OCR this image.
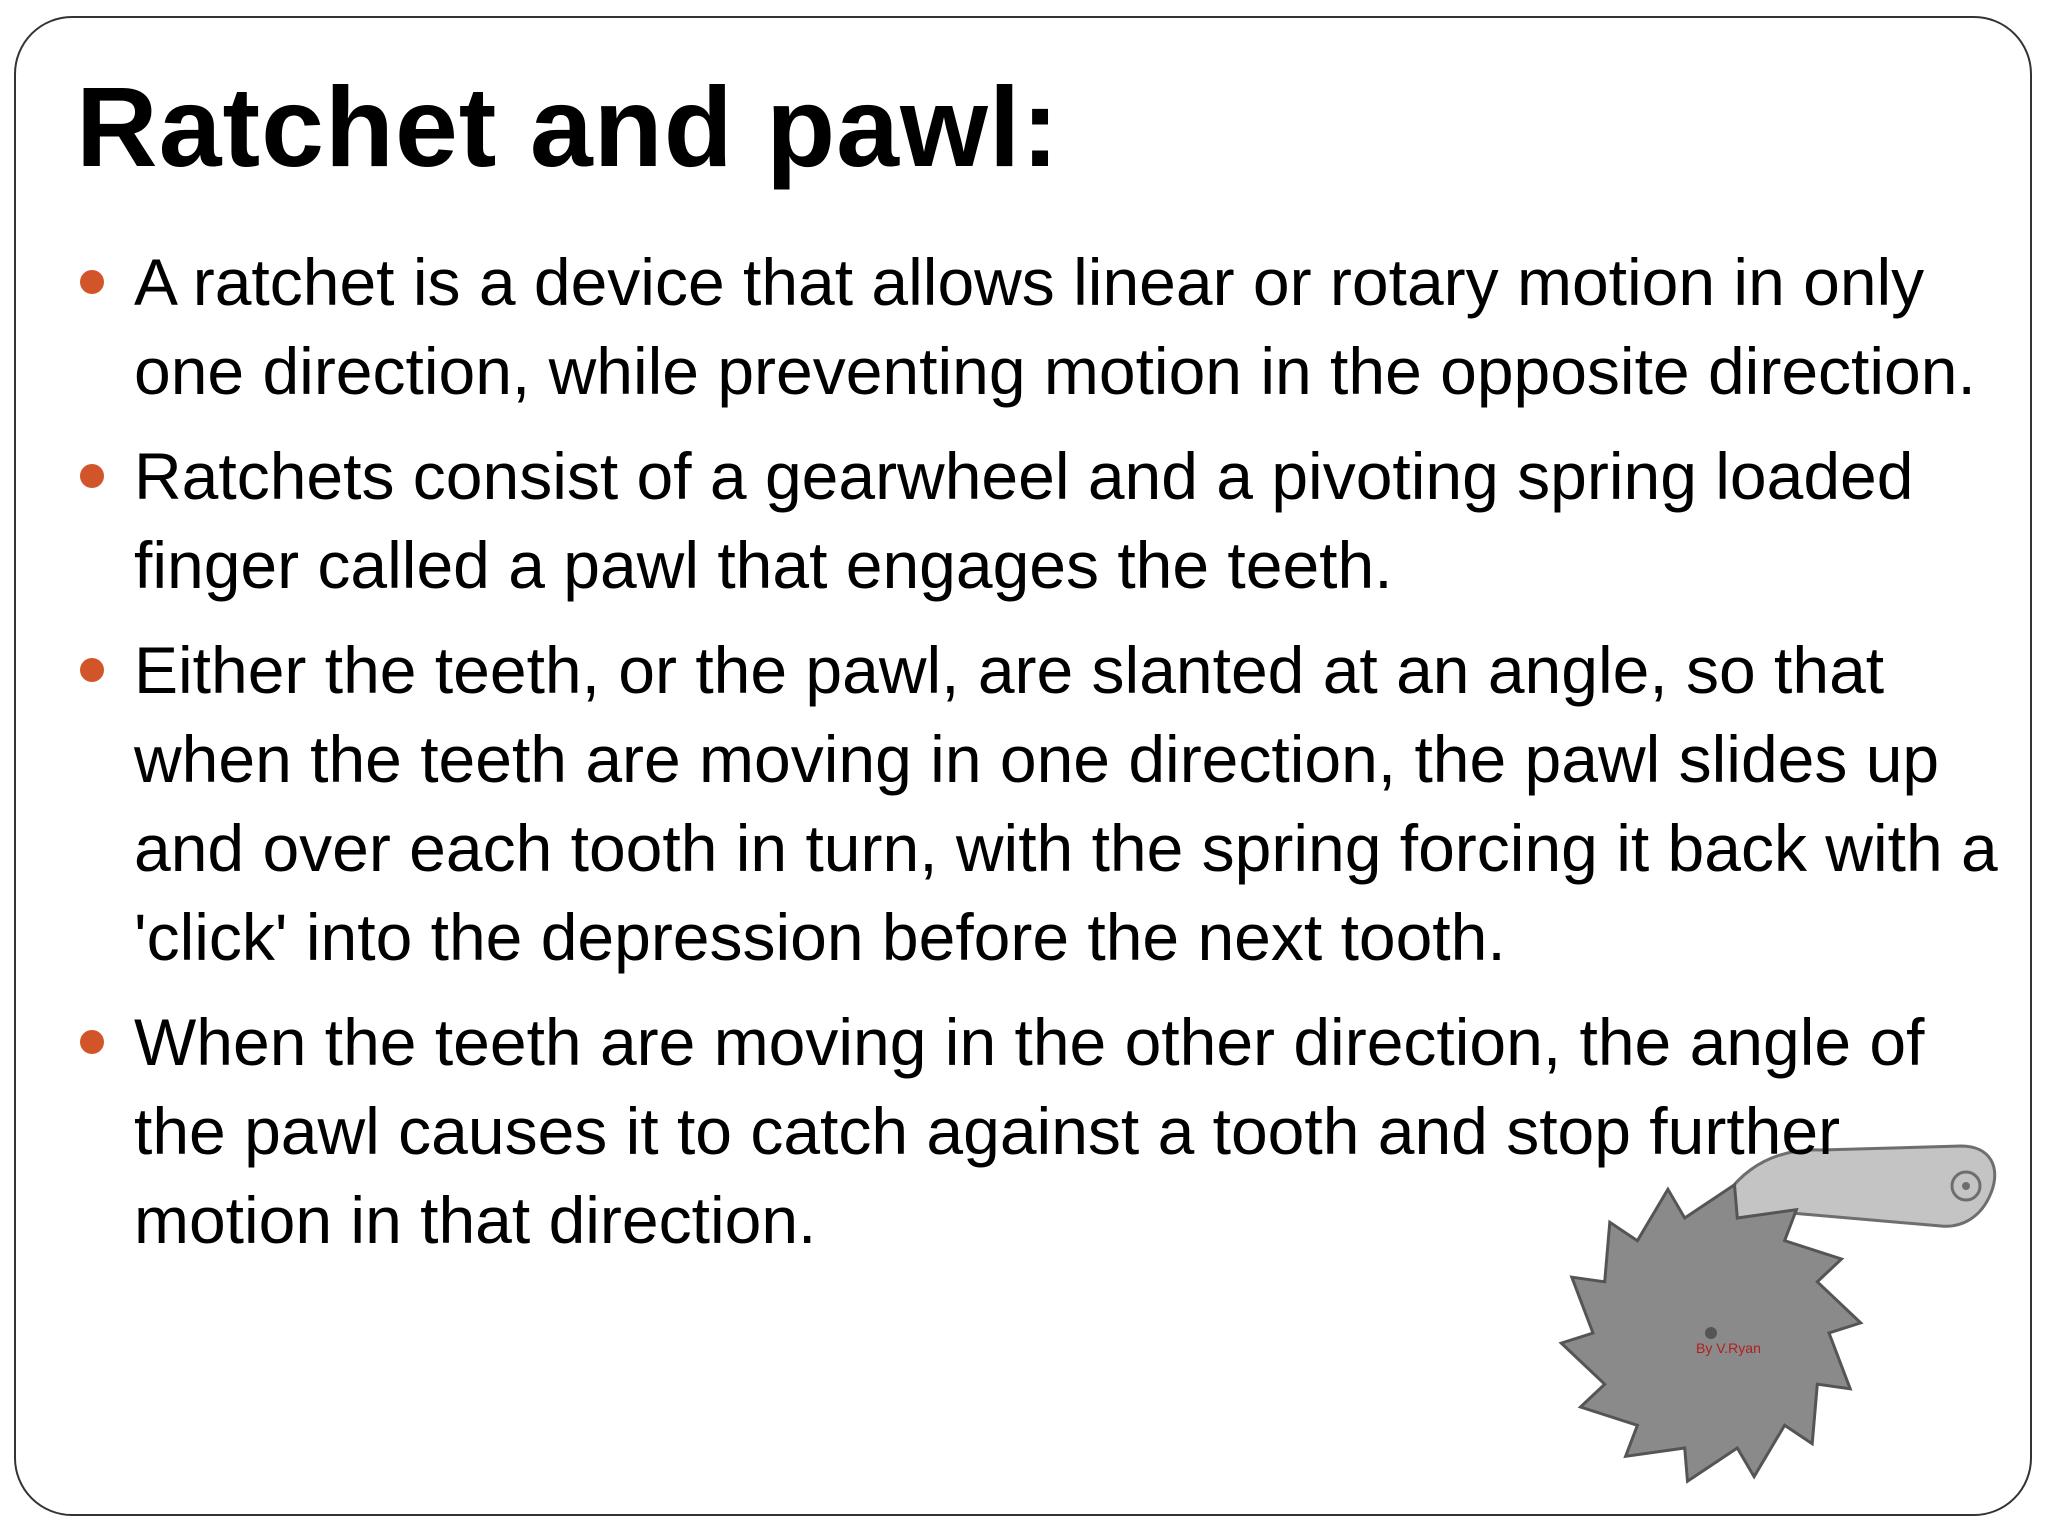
Ratchet and pawl:
By V.Ryan
A ratchet is a device that allows linear or rotary motion in only one direction, while preventing motion in the opposite direction.
Ratchets consist of a gearwheel and a pivoting spring loaded finger called a pawl that engages the teeth.
Either the teeth, or the pawl, are slanted at an angle, so that when the teeth are moving in one direction, the pawl slides up and over each tooth in turn, with the spring forcing it back with a 'click' into the depression before the next tooth.
When the teeth are moving in the other direction, the angle of the pawl causes it to catch against a tooth and stop further motion in that direction.
